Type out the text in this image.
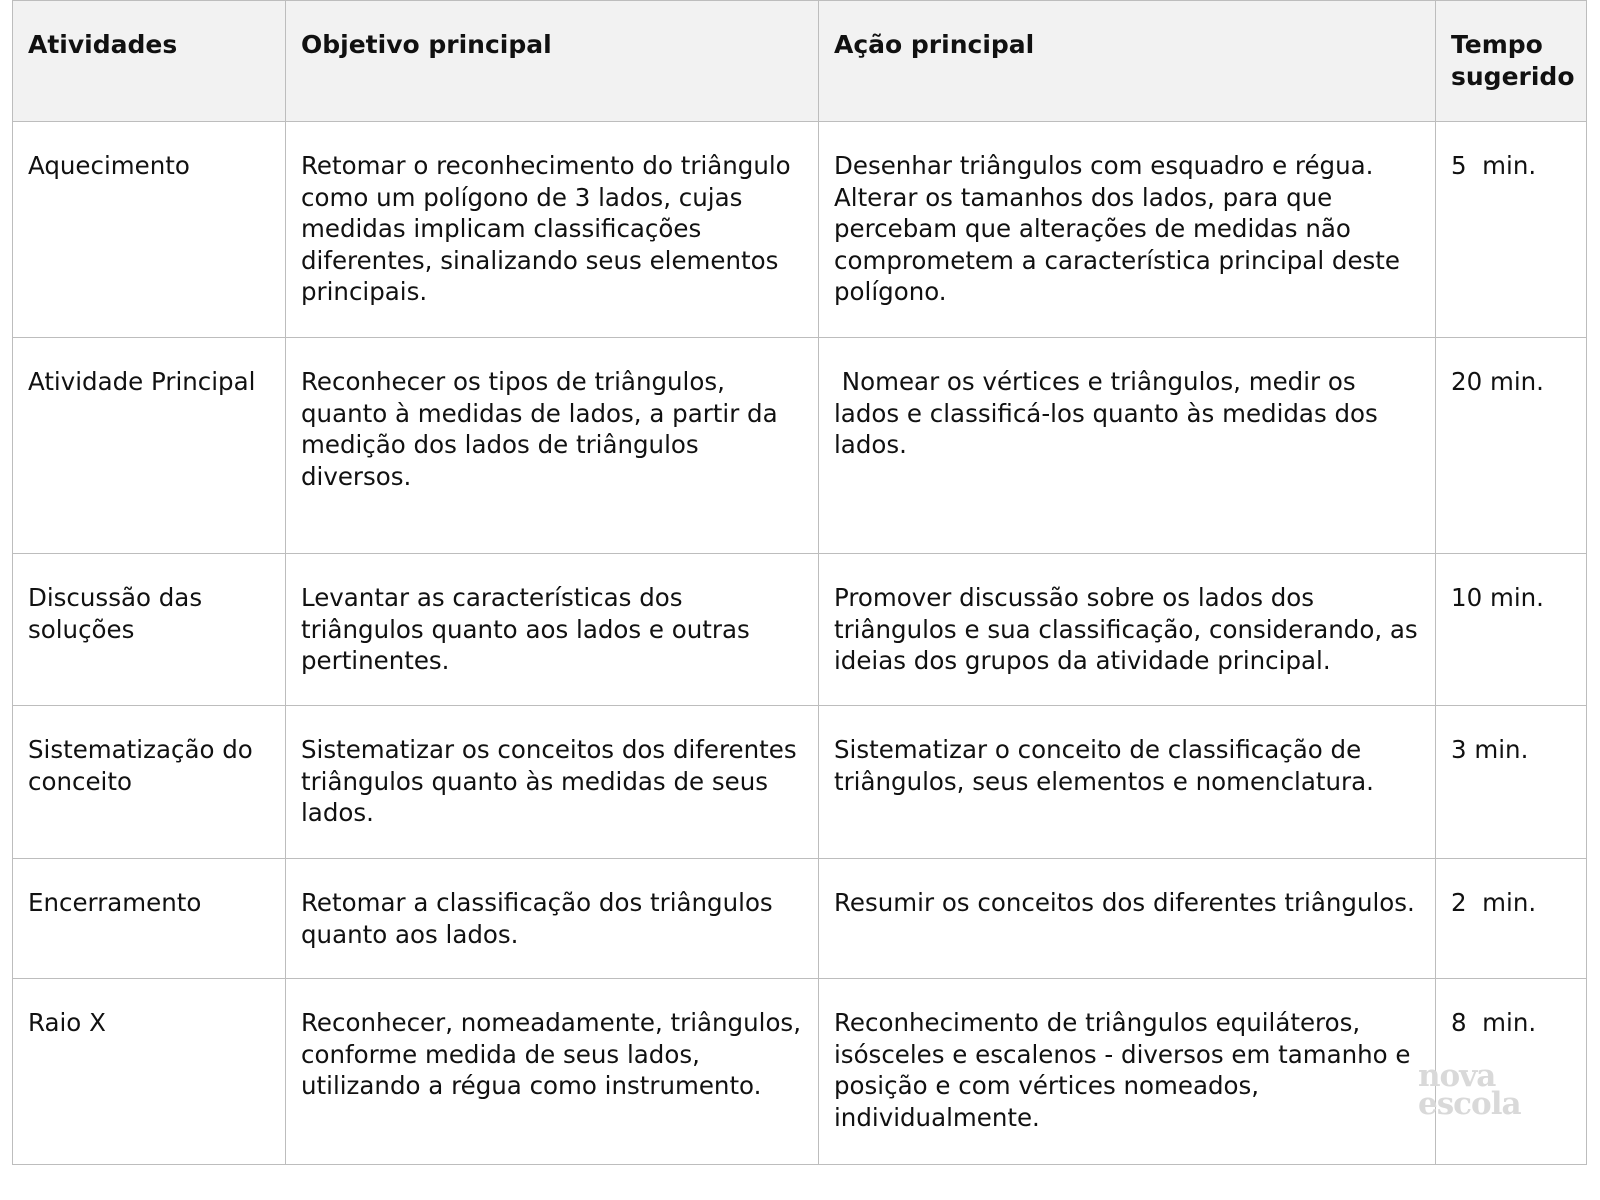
Atividades	Objetivo principal	Ação principal	Tempo sugerido
Aquecimento	Retomar o reconhecimento do triângulo como um polígono de 3 lados, cujas medidas implicam classificações diferentes, sinalizando seus elementos principais.	Desenhar triângulos com esquadro e régua. Alterar os tamanhos dos lados, para que percebam que alterações de medidas não comprometem a característica principal deste polígono.	5  min.
Atividade Principal	Reconhecer os tipos de triângulos, quanto à medidas de lados, a partir da medição dos lados de triângulos diversos.	Nomear os vértices e triângulos, medir os lados e classificá-los quanto às medidas dos lados.	20 min.
Discussão das soluções	Levantar as características dos triângulos quanto aos lados e outras pertinentes.	Promover discussão sobre os lados dos triângulos e sua classificação, considerando, as ideias dos grupos da atividade principal.	10 min.
Sistematização do conceito	Sistematizar os conceitos dos diferentes triângulos quanto às medidas de seus lados.	Sistematizar o conceito de classificação de triângulos, seus elementos e nomenclatura.	3 min.
Encerramento	Retomar a classificação dos triângulos quanto aos lados.	Resumir os conceitos dos diferentes triângulos.	2  min.
Raio X	Reconhecer, nomeadamente, triângulos, conforme medida de seus lados, utilizando a régua como instrumento.	Reconhecimento de triângulos equiláteros, isósceles e escalenos - diversos em tamanho e posição e com vértices nomeados, individualmente.	8  min.
nova
escola
